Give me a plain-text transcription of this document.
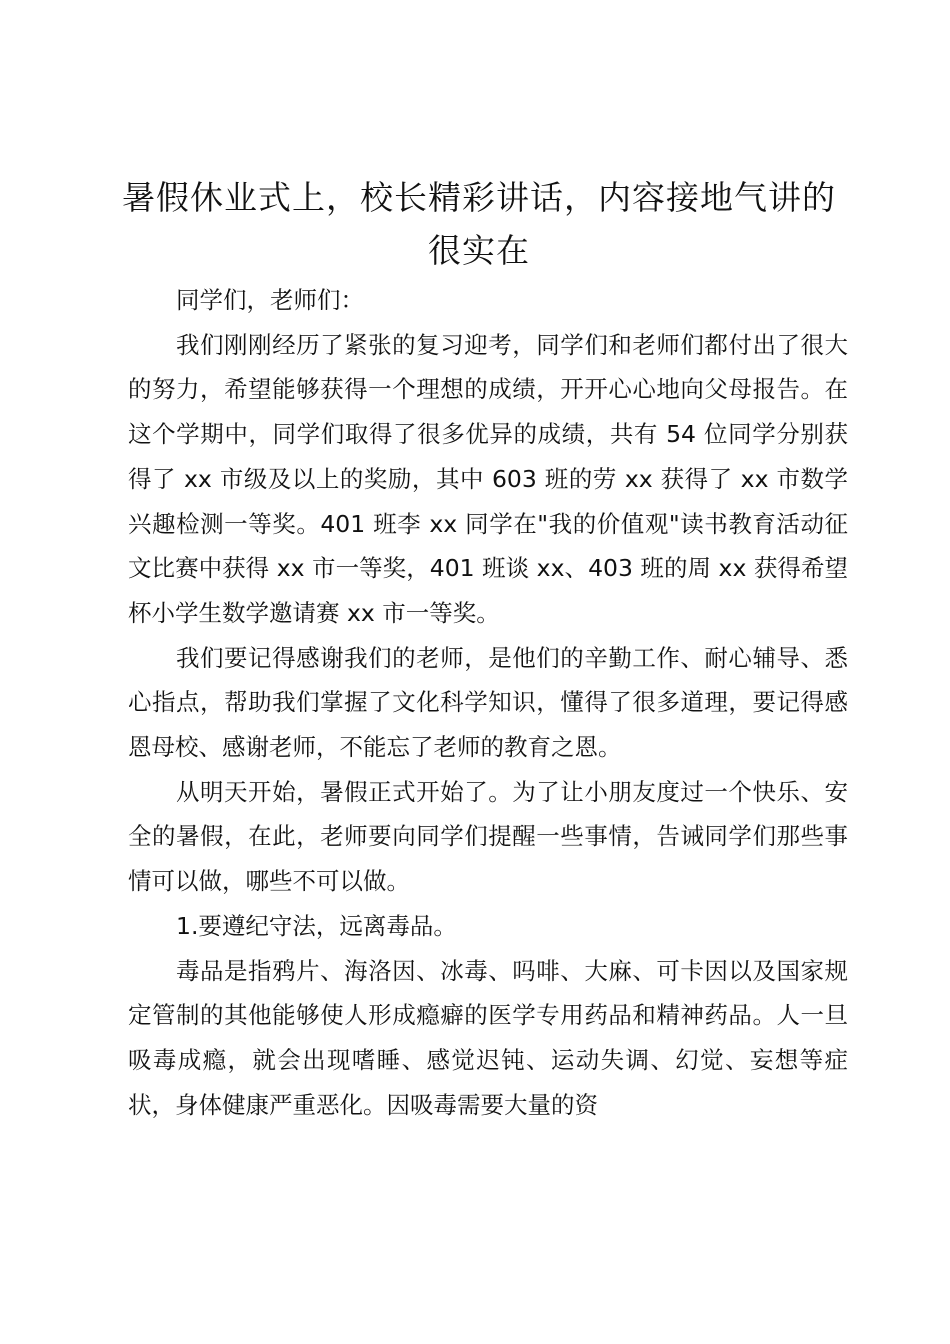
暑假休业式上，校长精彩讲话，内容接地气讲的很实在

同学们，老师们：

我们刚刚经历了紧张的复习迎考，同学们和老师们都付出了很大的努力，希望能够获得一个理想的成绩，开开心心地向父母报告。在这个学期中，同学们取得了很多优异的成绩，共有 54 位同学分别获得了 xx 市级及以上的奖励，其中 603 班的劳 xx 获得了 xx 市数学兴趣检测一等奖。401 班李 xx 同学在"我的价值观"读书教育活动征文比赛中获得 xx 市一等奖，401 班谈 xx、403 班的周 xx 获得希望杯小学生数学邀请赛 xx 市一等奖。

我们要记得感谢我们的老师，是他们的辛勤工作、耐心辅导、悉心指点，帮助我们掌握了文化科学知识，懂得了很多道理，要记得感恩母校、感谢老师，不能忘了老师的教育之恩。

从明天开始，暑假正式开始了。为了让小朋友度过一个快乐、安全的暑假，在此，老师要向同学们提醒一些事情，告诫同学们那些事情可以做，哪些不可以做。

1.要遵纪守法，远离毒品。

毒品是指鸦片、海洛因、冰毒、吗啡、大麻、可卡因以及国家规定管制的其他能够使人形成瘾癖的医学专用药品和精神药品。人一旦吸毒成瘾，就会出现嗜睡、感觉迟钝、运动失调、幻觉、妄想等症状，身体健康严重恶化。因吸毒需要大量的资
